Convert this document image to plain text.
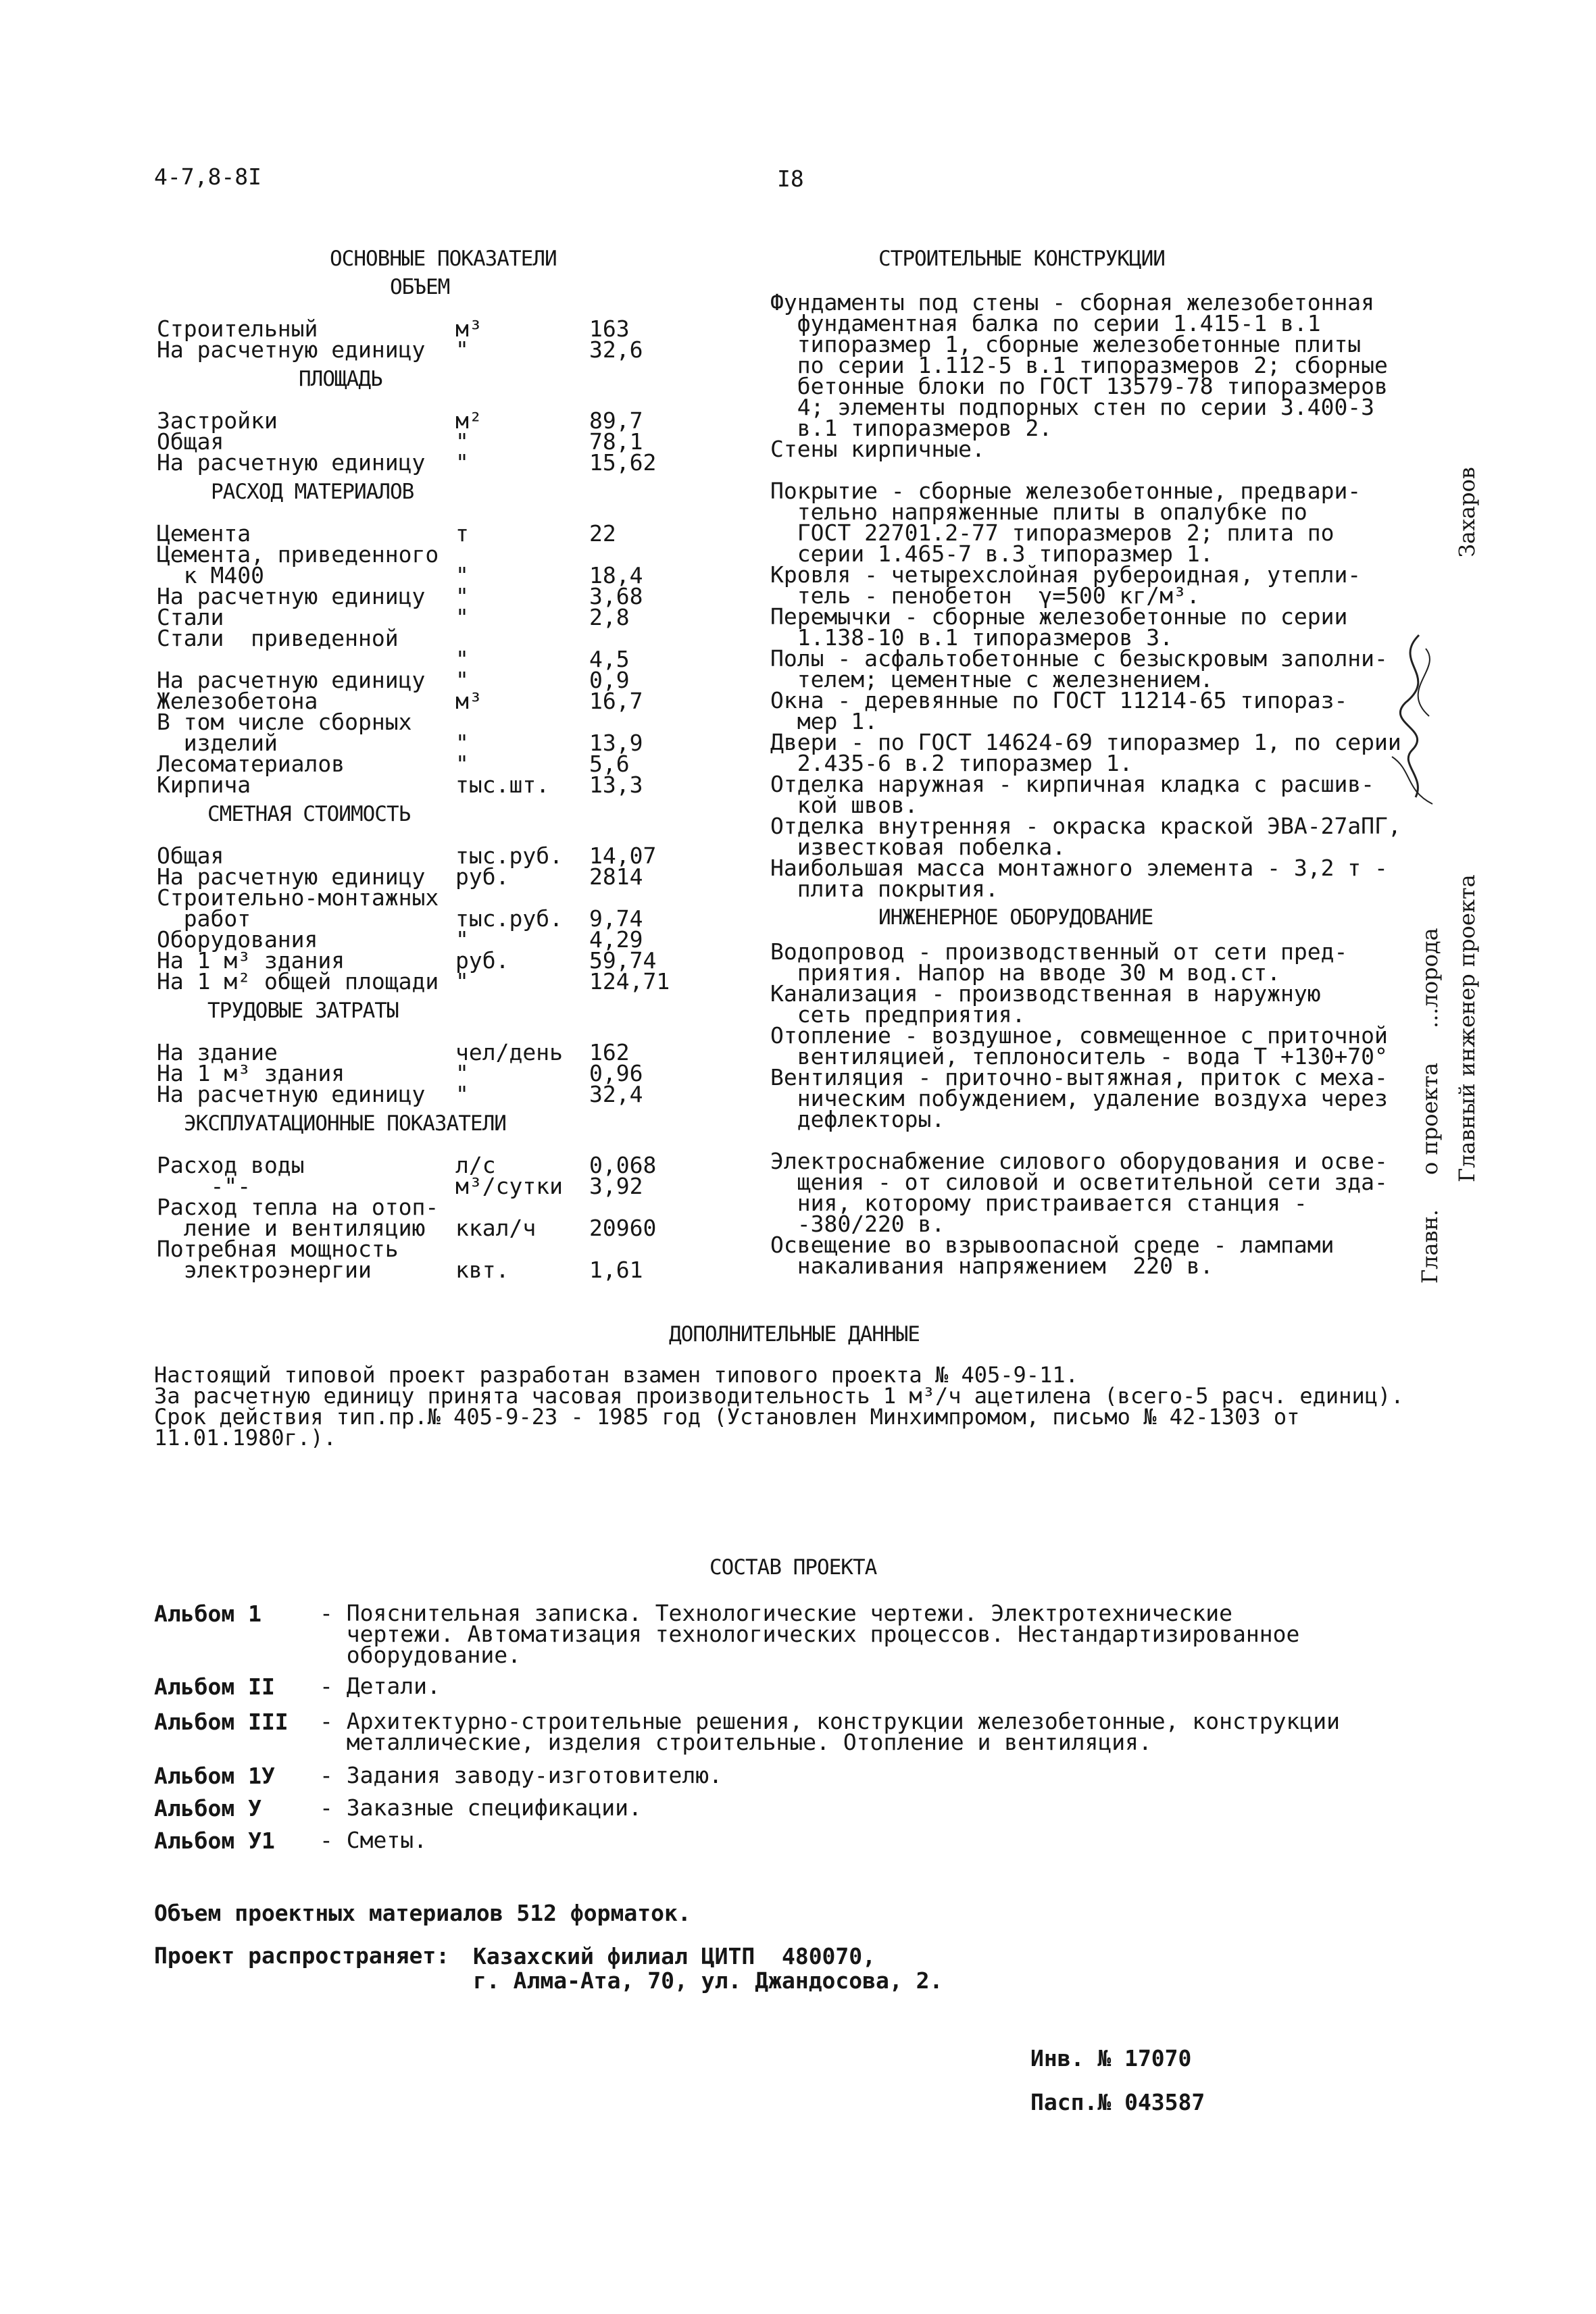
4-7,8-8I	I8
ОСНОВНЫЕ ПОКАЗАТЕЛИ
ОБЪЕМ
Строительный	м³	163
На расчетную единицу "	32,6
ПЛОЩАДЬ
Застройки	м²	89,7
Общая	"	78,1
На расчетную единицу "	15,62
РАСХОД МАТЕРИАЛОВ
Цемента	т	22
Цемента, приведенного
к М400	"	18,4
На расчетную единицу "	3,68
Стали	"	2,8
Стали  приведенной
"	4,5
На расчетную единицу "	0,9
Железобетона	м³	16,7
В том числе сборных
изделий	"	13,9
Лесоматериалов	"	5,6
Кирпича	тыс.шт. 13,3
СМЕТНАЯ СТОИМОСТЬ
Общая	тыс.руб. 14,07
На расчетную единицу руб.	2814
Строительно-монтажных
работ	тыс.руб. 9,74
Оборудования	"	4,29
На 1 м³ здания	руб.	59,74
На 1 м² общей площади "	124,71
ТРУДОВЫЕ ЗАТРАТЫ
На здание	чел/день 162
На 1 м³ здания	"	0,96
На расчетную единицу "	32,4
ЭКСПЛУАТАЦИОННЫЕ ПОКАЗАТЕЛИ
Расход воды	л/с	0,068
-"-	м³/сутки 3,92
Расход тепла на отоп-
ление и вентиляцию ккал/ч 20960
Потребная мощность
электроэнергии	квт.	1,61
СТРОИТЕЛЬНЫЕ КОНСТРУКЦИИ
Фундаменты под стены - сборная железобетонная
фундаментная балка по серии 1.415-1 в.1
типоразмер 1, сборные железобетонные плиты
по серии 1.112-5 в.1 типоразмеров 2; сборные
бетонные блоки по ГОСТ 13579-78 типоразмеров
4; элементы подпорных стен по серии 3.400-3
в.1 типоразмеров 2.
Стены кирпичные.

Покрытие - сборные железобетонные, предвари-
тельно напряженные плиты в опалубке по
ГОСТ 22701.2-77 типоразмеров 2; плита по
серии 1.465-7 в.3 типоразмер 1.
Кровля - четырехслойная рубероидная, утепли-
тель - пенобетон  γ=500 кг/м³.
Перемычки - сборные железобетонные по серии
1.138-10 в.1 типоразмеров 3.
Полы - асфальтобетонные с безыскровым заполни-
телем; цементные с железнением.
Окна - деревянные по ГОСТ 11214-65 типораз-
мер 1.
Двери - по ГОСТ 14624-69 типоразмер 1, по серии
2.435-6 в.2 типоразмер 1.
Отделка наружная - кирпичная кладка с расшив-
кой швов.
Отделка внутренняя - окраска краской ЭВА-27аПГ,
известковая побелка.
Наибольшая масса монтажного элемента - 3,2 т -
плита покрытия.
ИНЖЕНЕРНОЕ ОБОРУДОВАНИЕ
Водопровод - производственный от сети пред-
приятия. Напор на вводе 30 м вод.ст.
Канализация - производственная в наружную
сеть предприятия.
Отопление - воздушное, совмещенное с приточной
вентиляцией, теплоноситель - вода Т +130+70°
Вентиляция - приточно-вытяжная, приток с меха-
ническим побуждением, удаление воздуха через
дефлекторы.

Электроснабжение силового оборудования и осве-
щения - от силовой и осветительной сети зда-
ния, которому пристраивается станция -
-380/220 в.
Освещение во взрывоопасной среде - лампами
накаливания напряжением  220 в.	Главн.     о проекта     ...лорода Главный инженер проекта
Захаров
ДОПОЛНИТЕЛЬНЫЕ ДАННЫЕ
Настоящий типовой проект разработан взамен типового проекта № 405-9-11.
За расчетную единицу принята часовая производительность 1 м³/ч ацетилена (всего-5 расч. единиц).
Срок действия тип.пр.№ 405-9-23 - 1985 год (Установлен Минхимпромом, письмо № 42-1303 от
11.01.1980г.).
СОСТАВ ПРОЕКТА
Альбом 1	- Пояснительная записка. Технологические чертежи. Электротехнические
чертежи. Автоматизация технологических процессов. Нестандартизированное
оборудование.
Альбом II - Детали.
Альбом III - Архитектурно-строительные решения, конструкции железобетонные, конструкции
металлические, изделия строительные. Отопление и вентиляция.
Альбом 1У - Задания заводу-изготовителю.
Альбом У	- Заказные спецификации.
Альбом У1 - Сметы.
Объем проектных материалов 512 форматок.
Проект распространяет: Казахский филиал ЦИТП  480070,
г. Алма-Ата, 70, ул. Джандосова, 2.
Инв. № 17070
Пасп.№ 043587
